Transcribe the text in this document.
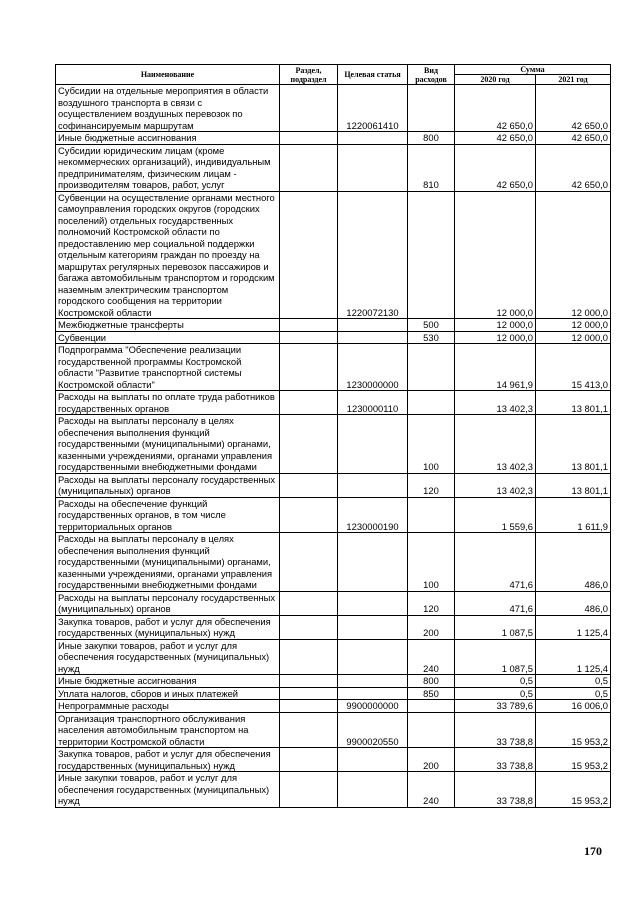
Наименование	Раздел, подраздел	Целевая статья	Вид расходов	Сумма	
				2020 год	2021 год
Субсидии на отдельные мероприятия в области воздушного транспорта в связи с осуществлением воздушных перевозок по софинансируемым маршрутам		1220061410		42 650,0	42 650,0
Иные бюджетные ассигнования			800	42 650,0	42 650,0
Субсидии юридическим лицам (кроме некоммерческих организаций), индивидуальным предпринимателям, физическим лицам - производителям товаров, работ, услуг			810	42 650,0	42 650,0
Субвенции на осуществление органами местного самоуправления городских округов (городских поселений) отдельных государственных полномочий Костромской области по предоставлению мер социальной поддержки отдельным категориям граждан по проезду на маршрутах регулярных перевозок пассажиров и багажа автомобильным транспортом и городским наземным электрическим транспортом городского сообщения на территории Костромской области		1220072130		12 000,0	12 000,0
Межбюджетные трансферты			500	12 000,0	12 000,0
Субвенции			530	12 000,0	12 000,0
Подпрограмма "Обеспечение реализации государственной программы Костромской области "Развитие транспортной системы Костромской области"		1230000000		14 961,9	15 413,0
Расходы на выплаты по оплате труда работников государственных органов		1230000110		13 402,3	13 801,1
Расходы на выплаты персоналу в целях обеспечения выполнения функций государственными (муниципальными) органами, казенными учреждениями, органами управления государственными внебюджетными фондами			100	13 402,3	13 801,1
Расходы на выплаты персоналу государственных (муниципальных) органов			120	13 402,3	13 801,1
Расходы на обеспечение функций государственных органов, в том числе территориальных органов		1230000190		1 559,6	1 611,9
Расходы на выплаты персоналу в целях обеспечения выполнения функций государственными (муниципальными) органами, казенными учреждениями, органами управления государственными внебюджетными фондами			100	471,6	486,0
Расходы на выплаты персоналу государственных (муниципальных) органов			120	471,6	486,0
Закупка товаров, работ и услуг для обеспечения государственных (муниципальных) нужд			200	1 087,5	1 125,4
Иные закупки товаров, работ и услуг для обеспечения государственных (муниципальных) нужд			240	1 087,5	1 125,4
Иные бюджетные ассигнования			800	0,5	0,5
Уплата налогов, сборов и иных платежей			850	0,5	0,5
Непрограммные расходы		9900000000		33 789,6	16 006,0
Организация транспортного обслуживания населения автомобильным транспортом на территории Костромской области		9900020550		33 738,8	15 953,2
Закупка товаров, работ и услуг для обеспечения государственных (муниципальных) нужд			200	33 738,8	15 953,2
Иные закупки товаров, работ и услуг для обеспечения государственных (муниципальных) нужд			240	33 738,8	15 953,2
170
